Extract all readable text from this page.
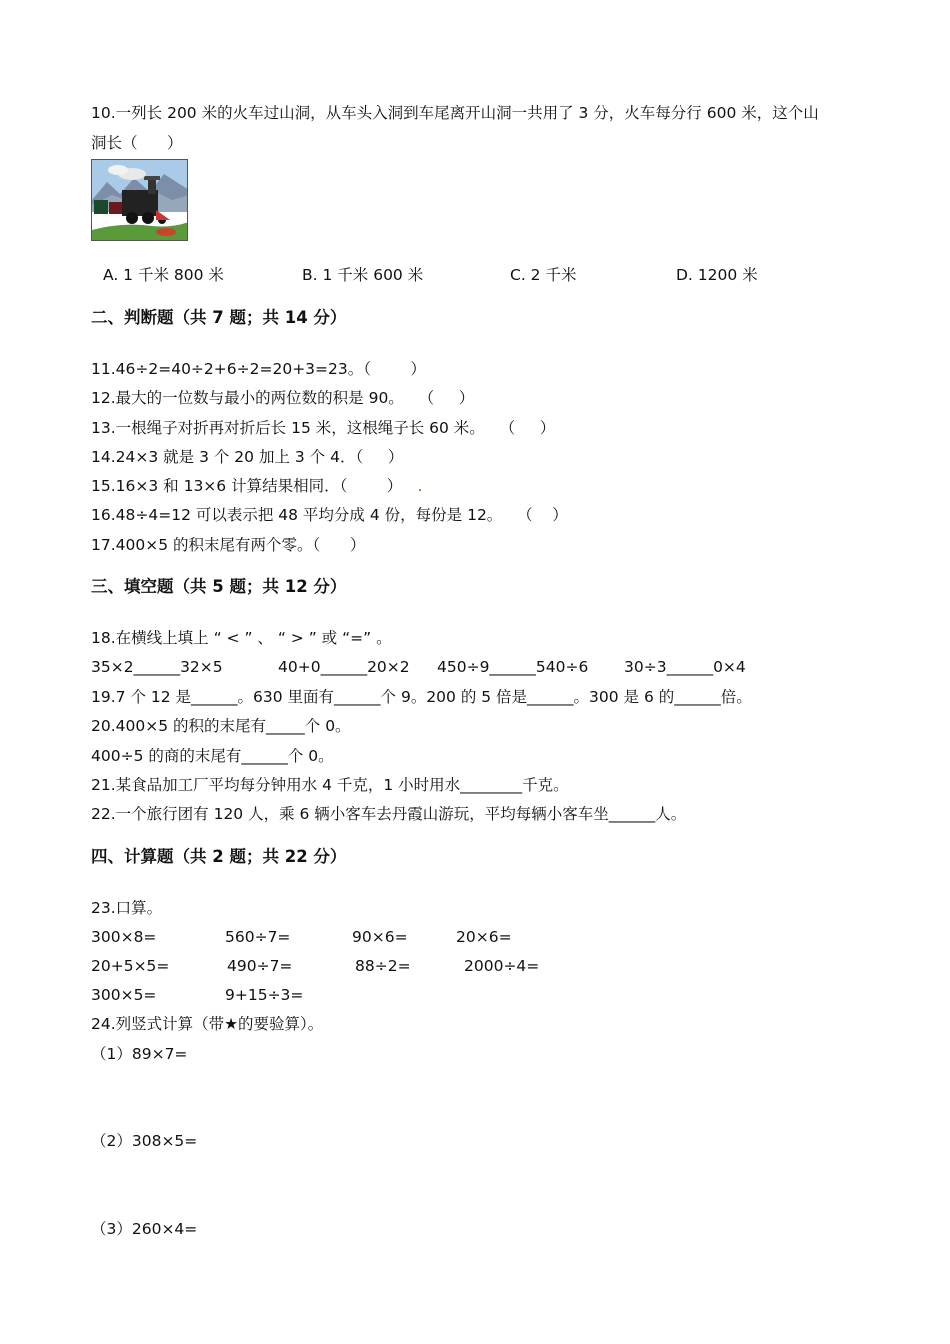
10.一列长 200 米的火车过山洞，从车头入洞到车尾离开山洞一共用了 3 分，火车每分行 600 米，这个山
洞长（      ）
A. 1 千米 800 米	B. 1 千米 600 米	C. 2 千米	D. 1200 米
二、判断题（共 7 题；共 14 分）
11.46÷2=40÷2+6÷2=20+3=23。（        ）
12.最大的一位数与最小的两位数的积是 90。   （     ）
13.一根绳子对折再对折后长 15 米，这根绳子长 60 米。   （     ）
14.24×3 就是 3 个 20 加上 3 个 4．（     ）
15.16×3 和 13×6 计算结果相同．（        ）
16.48÷4=12 可以表示把 48 平均分成 4 份，每份是 12。   （    ）
17.400×5 的积末尾有两个零。（      ）
三、填空题（共 5 题；共 12 分）
18.在横线上填上 “ < ” 、 “ > ” 或 “=” 。
35×2______32×5	40+0______20×2 450÷9______540÷6 30÷3______0×4
19.7 个 12 是______。630 里面有______个 9。200 的 5 倍是______。300 是 6 的______倍。
20.400×5 的积的末尾有_____个 0。
400÷5 的商的末尾有______个 0。
21.某食品加工厂平均每分钟用水 4 千克，1 小时用水________千克。
22.一个旅行团有 120 人，乘 6 辆小客车去丹霞山游玩，平均每辆小客车坐______人。
四、计算题（共 2 题；共 22 分）
23.口算。
300×8=	560÷7=	90×6=	20×6=
20+5×5=	490÷7=	88÷2=	2000÷4=
300×5=	9+15÷3=
24.列竖式计算（带★的要验算）。
（1）89×7=
（2）308×5=
（3）260×4=
